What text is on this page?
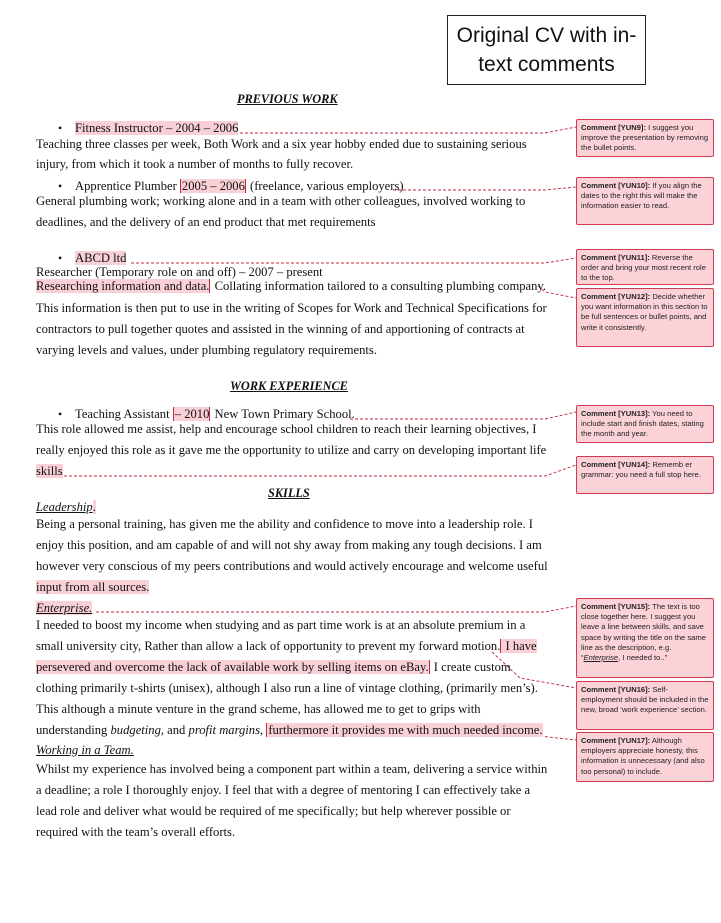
Original CV with in-text comments
PREVIOUS WORK
• Fitness Instructor – 2004 – 2006
Teaching three classes per week, Both Work and a six year hobby ended due to sustaining serious
injury, from which it took a number of months to fully recover.
• Apprentice Plumber 2005 – 2006 (freelance, various employers)
General plumbing work; working alone and in a team with other colleagues, involved working to
deadlines, and the delivery of an end product that met requirements
• ABCD ltd
Researcher (Temporary role on and off) – 2007 – present
Researching information and data. Collating information tailored to a consulting plumbing company.
This information is then put to use in the writing of Scopes for Work and Technical Specifications for
contractors to pull together quotes and assisted in the winning of and apportioning of contracts at
varying levels and values, under plumbing regulatory requirements.
WORK EXPERIENCE
• Teaching Assistant – 2010 New Town Primary School.
This role allowed me assist, help and encourage school children to reach their learning objectives, I
really enjoyed this role as it gave me the opportunity to utilize and carry on developing important life
skills
SKILLS
Leadership.
Being a personal training, has given me the ability and confidence to move into a leadership role. I
enjoy this position, and am capable of and will not shy away from making any tough decisions. I am
however very conscious of my peers contributions and would actively encourage and welcome useful
input from all sources.
Enterprise.
I needed to boost my income when studying and as part time work is at an absolute premium in a
small university city, Rather than allow a lack of opportunity to prevent my forward motion. I have
persevered and overcome the lack of available work by selling items on eBay. I create custom
clothing primarily t-shirts (unisex), although I also run a line of vintage clothing, (primarily men’s).
This although a minute venture in the grand scheme, has allowed me to get to grips with
understanding budgeting, and profit margins, furthermore it provides me with much needed income.
Working in a Team.
Whilst my experience has involved being a component part within a team, delivering a service within
a deadline; a role I thoroughly enjoy. I feel that with a degree of mentoring I can effectively take a
lead role and deliver what would be required of me specifically; but help wherever possible or
required with the team’s overall efforts.
Comment [YUN9]: I suggest you improve the presentation by removing the bullet points.
Comment [YUN10]: If you align the dates to the right this will make the information easier to read.
Comment [YUN11]: Reverse the order and bring your most recent role to the top.
Comment [YUN12]: Decide whether you want information in this section to be full sentences or bullet points, and write it consistently.
Comment [YUN13]: You need to include start and finish dates, stating the month and year.
Comment [YUN14]: Rememb er grammar: you need a full stop here.
Comment [YUN15]: The text is too close together here. I suggest you leave a line between skills, and save space by writing the title on the same line as the description, e.g. “Enterprise, I needed to..”
Comment [YUN16]: Self-employment should be included in the new, broad ‘work experience’ section.
Comment [YUN17]: Although employers appreciate honesty, this information is unnecessary (and also too personal) to include.
